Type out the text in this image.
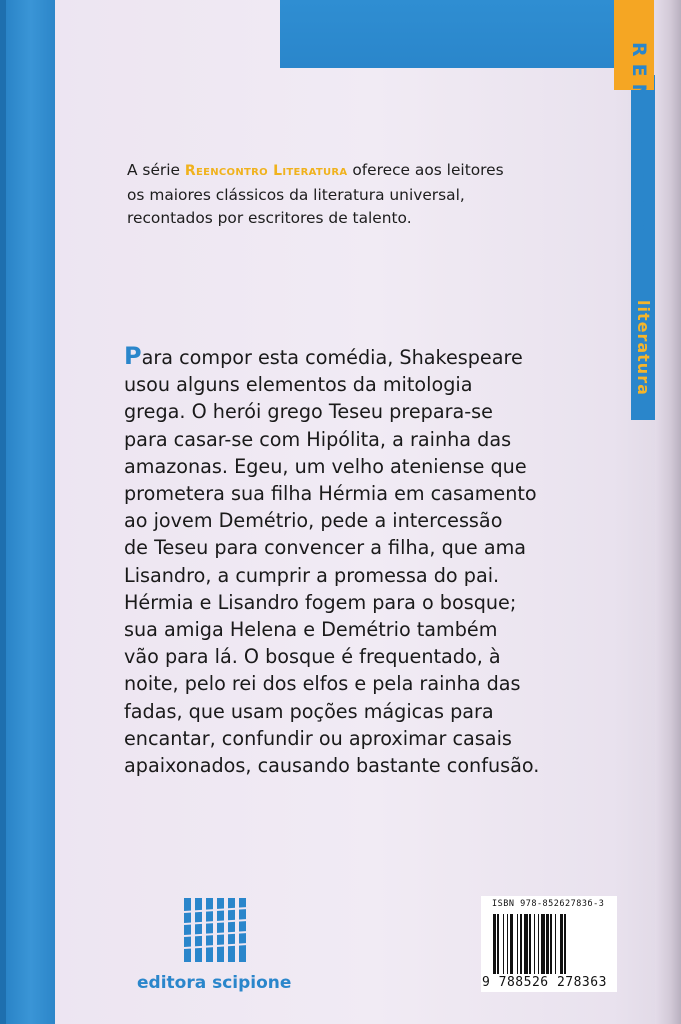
RENCONTRO
literatura
A série Reencontro Literatura oferece aos leitores
os maiores clássicos da literatura universal,
recontados por escritores de talento.
Para compor esta comédia, Shakespeare
usou alguns elementos da mitologia
grega. O herói grego Teseu prepara-se
para casar-se com Hipólita, a rainha das
amazonas. Egeu, um velho ateniense que
prometera sua filha Hérmia em casamento
ao jovem Demétrio, pede a intercessão
de Teseu para convencer a filha, que ama
Lisandro, a cumprir a promessa do pai.
Hérmia e Lisandro fogem para o bosque;
sua amiga Helena e Demétrio também
vão para lá. O bosque é frequentado, à
noite, pelo rei dos elfos e pela rainha das
fadas, que usam poções mágicas para
encantar, confundir ou aproximar casais
apaixonados, causando bastante confusão.
editora scipione
ISBN 978-85262783б-3
9 788526 278363
